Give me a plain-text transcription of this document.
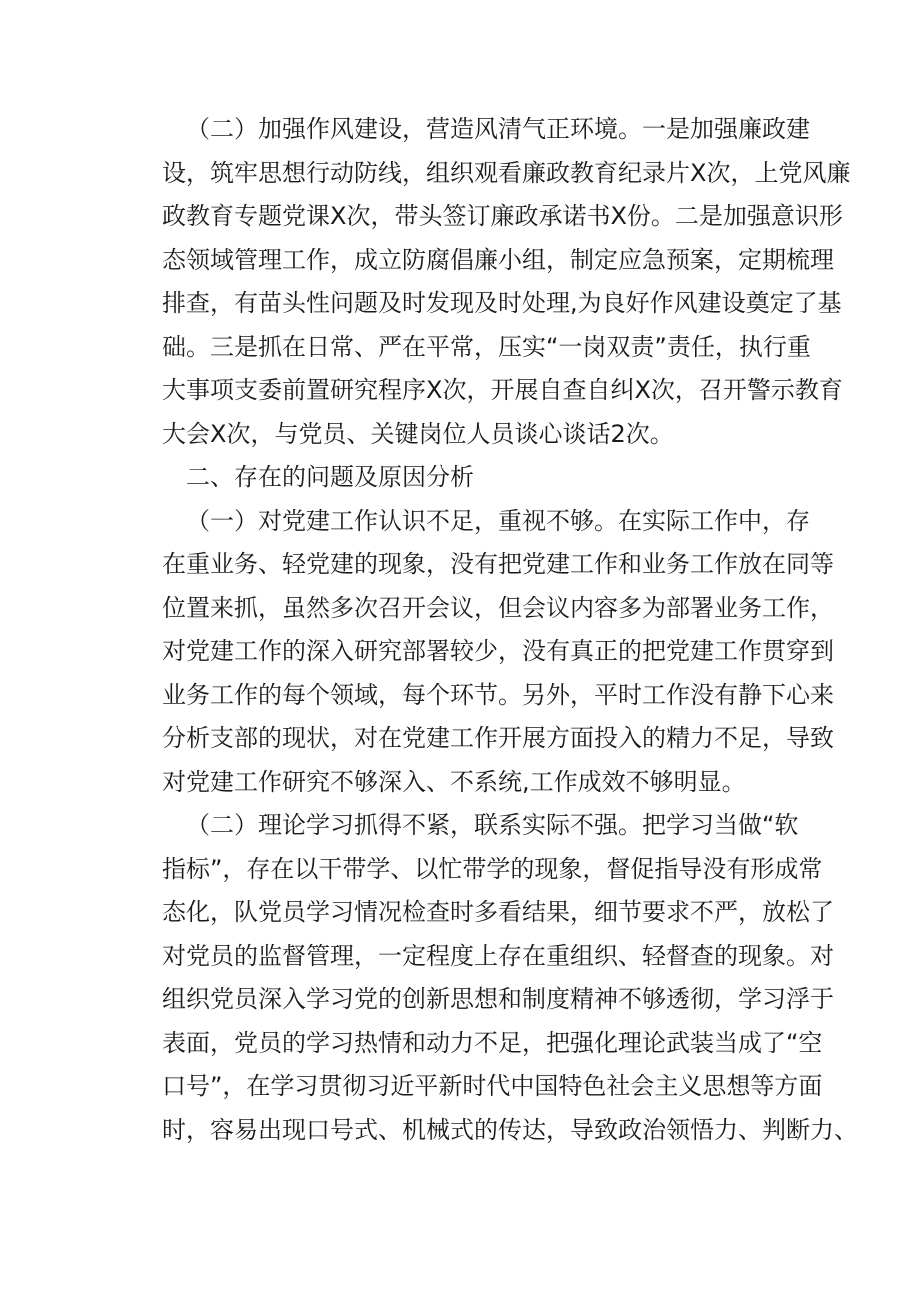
（二）加强作风建设，营造风清气正环境。一是加强廉政建
设，筑牢思想行动防线，组织观看廉政教育纪录片X次，上党风廉
政教育专题党课X次，带头签订廉政承诺书X份。二是加强意识形
态领域管理工作，成立防腐倡廉小组，制定应急预案，定期梳理
排查，有苗头性问题及时发现及时处理,为良好作风建设奠定了基
础。三是抓在日常、严在平常，压实“一岗双责”责任，执行重
大事项支委前置研究程序X次，开展自查自纠X次，召开警示教育
大会X次，与党员、关键岗位人员谈心谈话2次。
二、存在的问题及原因分析
（一）对党建工作认识不足，重视不够。在实际工作中，存
在重业务、轻党建的现象，没有把党建工作和业务工作放在同等
位置来抓，虽然多次召开会议，但会议内容多为部署业务工作，
对党建工作的深入研究部署较少，没有真正的把党建工作贯穿到
业务工作的每个领域，每个环节。另外，平时工作没有静下心来
分析支部的现状，对在党建工作开展方面投入的精力不足，导致
对党建工作研究不够深入、不系统,工作成效不够明显。
（二）理论学习抓得不紧，联系实际不强。把学习当做“软
指标”，存在以干带学、以忙带学的现象，督促指导没有形成常
态化，队党员学习情况检查时多看结果，细节要求不严，放松了
对党员的监督管理，一定程度上存在重组织、轻督查的现象。对
组织党员深入学习党的创新思想和制度精神不够透彻，学习浮于
表面，党员的学习热情和动力不足，把强化理论武装当成了“空
口号”，在学习贯彻习近平新时代中国特色社会主义思想等方面
时，容易出现口号式、机械式的传达，导致政治领悟力、判断力、
